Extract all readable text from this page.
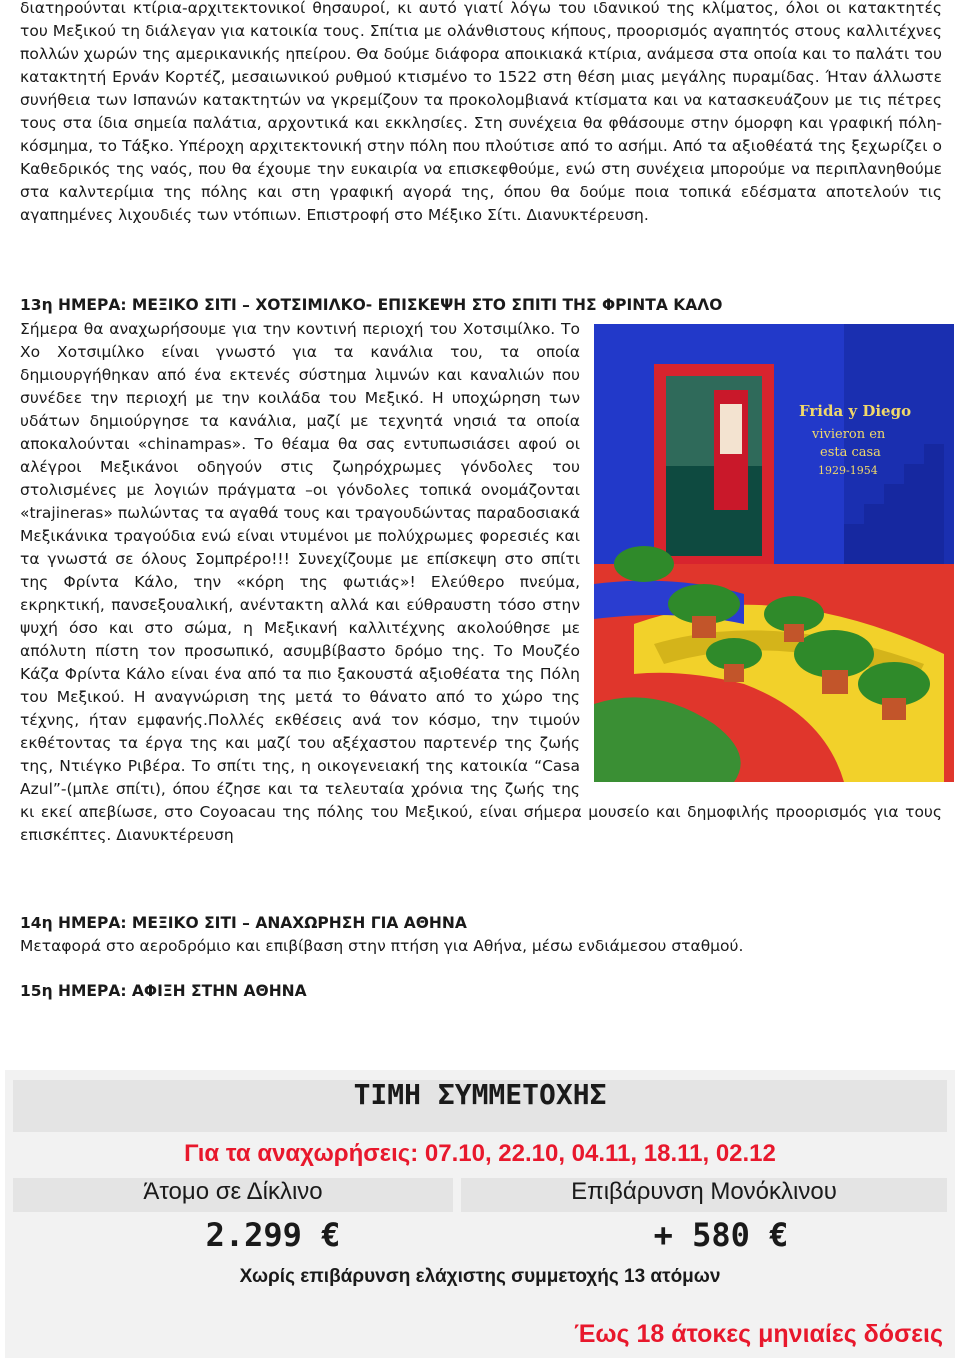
διατηρούνται κτίρια-αρχιτεκτονικοί θησαυροί, κι αυτό γιατί λόγω του ιδανικού της κλίματος, όλοι οι κατακτητές του Μεξικού τη διάλεγαν για κατοικία τους. Σπίτια με ολάνθιστους κήπους, προορισμός αγαπητός στους καλλιτέχνες πολλών χωρών της αμερικανικής ηπείρου. Θα δούμε διάφορα αποικιακά κτίρια, ανάμεσα στα οποία και το παλάτι του κατακτητή Ερνάν Κορτέζ, μεσαιωνικού ρυθμού κτισμένο το 1522 στη θέση μιας μεγάλης πυραμίδας. Ήταν άλλωστε συνήθεια των Ισπανών κατακτητών να γκρεμίζουν τα προκολομβιανά κτίσματα και να κατασκευάζουν με τις πέτρες τους στα ίδια σημεία παλάτια, αρχοντικά και εκκλησίες. Στη συνέχεια θα φθάσουμε στην όμορφη και γραφική πόλη-κόσμημα, το Τάξκο. Υπέροχη αρχιτεκτονική στην πόλη που πλούτισε από το ασήμι. Από τα αξιοθέατά της ξεχωρίζει ο Καθεδρικός της ναός, που θα έχουμε την ευκαιρία να επισκεφθούμε, ενώ στη συνέχεια μπορούμε να περιπλανηθούμε στα καλντερίμια της πόλης και στη γραφική αγορά της, όπου θα δούμε ποια τοπικά εδέσματα αποτελούν τις αγαπημένες λιχουδιές των ντόπιων. Επιστροφή στο Μέξικο Σίτι. Διανυκτέρευση.
13η ΗΜΕΡΑ: ΜΕΞΙΚΟ ΣΙΤΙ – ΧΟΤΣΙΜΙΛΚΟ- ΕΠΙΣΚΕΨΗ ΣΤΟ ΣΠΙΤΙ ΤΗΣ ΦΡΙΝΤΑ ΚΑΛΟ
Frida y Diego
vivieron en
esta casa
1929-1954
Σήμερα θα αναχωρήσουμε για την κοντινή περιοχή του Χοτσιμίλκο. Το Χο Χοτσιμίλκο είναι γνωστό για τα κανάλια του, τα οποία δημιουργήθηκαν από ένα εκτενές σύστημα λιμνών και καναλιών που συνέδεε την περιοχή με την κοιλάδα του Μεξικό. Η υποχώρηση των υδάτων δημιούργησε τα κανάλια, μαζί με τεχνητά νησιά τα οποία αποκαλούνται «chinampas». Το θέαμα θα σας εντυπωσιάσει αφού οι αλέγροι Μεξικάνοι οδηγούν στις ζωηρόχρωμες γόνδολες του στολισμένες με λογιών πράγματα –οι γόνδολες τοπικά ονομάζονται «trajineras» πωλώντας τα αγαθά τους και τραγουδώντας παραδοσιακά Μεξικάνικα τραγούδια ενώ είναι ντυμένοι με πολύχρωμες φορεσιές και τα γνωστά σε όλους Σομπρέρο!!! Συνεχίζουμε με επίσκεψη στο σπίτι της Φρίντα Κάλο, την «κόρη της φωτιάς»! Ελεύθερο πνεύμα, εκρηκτική, πανσεξουαλική, ανέντακτη αλλά και εύθραυστη τόσο στην ψυχή όσο και στο σώμα, η Μεξικανή καλλιτέχνης ακολούθησε με απόλυτη πίστη τον προσωπικό, ασυμβίβαστο δρόμο της. Το Μουζέο Κάζα Φρίντα Κάλο είναι ένα από τα πιο ξακουστά αξιοθέατα της Πόλη του Μεξικού. Η αναγνώριση της μετά το θάνατο από το χώρο της τέχνης, ήταν εμφανής.Πολλές εκθέσεις ανά τον κόσμο, την τιμούν εκθέτοντας τα έργα της και μαζί του αξέχαστου παρτενέρ της ζωής της, Ντιέγκο Ριβέρα. Το σπίτι της, η οικογενειακή της κατοικία “Casa Azul”-(μπλε σπίτι), όπου έζησε και τα τελευταία χρόνια της ζωής της κι εκεί απεβίωσε, στο Coyoacau της πόλης του Μεξικού, είναι σήμερα μουσείο και δημοφιλής προορισμός για τους επισκέπτες. Διανυκτέρευση
14η ΗΜΕΡΑ: ΜΕΞΙΚΟ ΣΙΤΙ – ΑΝΑΧΩΡΗΣΗ ΓΙΑ ΑΘΗΝΑ
Μεταφορά στο αεροδρόμιο και επιβίβαση στην πτήση για Αθήνα, μέσω ενδιάμεσου σταθμού.
15η ΗΜΕΡΑ: ΑΦΙΞΗ ΣΤΗΝ ΑΘΗΝΑ
ΤΙΜΗ ΣΥΜΜΕΤΟΧΗΣ
Για τα αναχωρήσεις: 07.10, 22.10, 04.11, 18.11, 02.12
Άτομο σε Δίκλινο	Επιβάρυνση Μονόκλινου
2.299 €	+ 580 €
Χωρίς επιβάρυνση ελάχιστης συμμετοχής 13 ατόμων
Έως 18 άτοκες μηνιαίες δόσεις
